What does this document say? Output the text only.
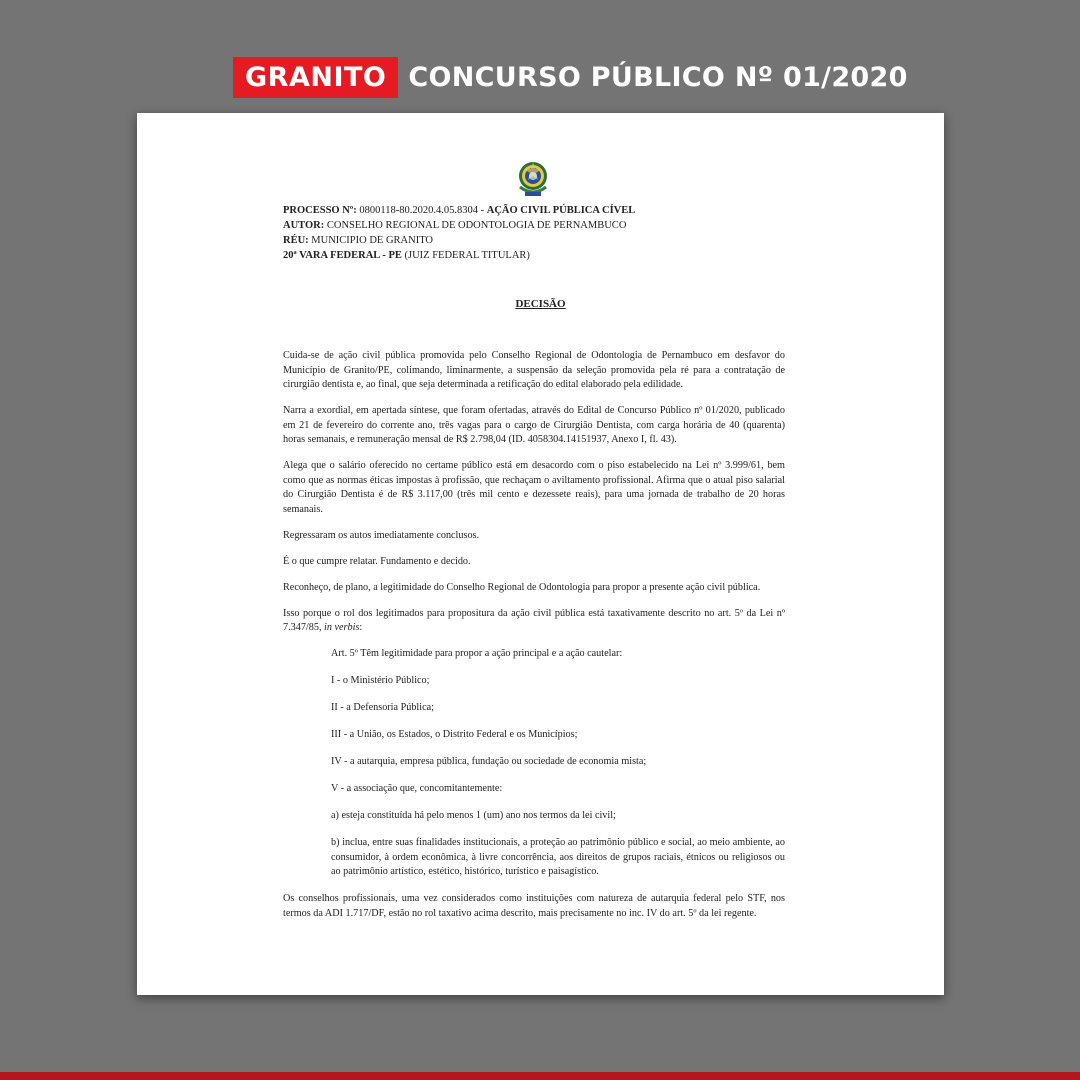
GRANITO CONCURSO PÚBLICO Nº 01/2020
PROCESSO Nº: 0800118-80.2020.4.05.8304 - AÇÃO CIVIL PÚBLICA CÍVEL
AUTOR: CONSELHO REGIONAL DE ODONTOLOGIA DE PERNAMBUCO
RÉU: MUNICIPIO DE GRANITO
20ª VARA FEDERAL - PE (JUIZ FEDERAL TITULAR)
DECISÃO

Cuida-se de ação civil pública promovida pelo Conselho Regional de Odontologia de Pernambuco em desfavor do Município de Granito/PE, colimando, liminarmente, a suspensão da seleção promovida pela ré para a contratação de cirurgião dentista e, ao final, que seja determinada a retificação do edital elaborado pela edilidade.

Narra a exordial, em apertada síntese, que foram ofertadas, através do Edital de Concurso Público nº 01/2020, publicado em 21 de fevereiro do corrente ano, três vagas para o cargo de Cirurgião Dentista, com carga horária de 40 (quarenta) horas semanais, e remuneração mensal de R$ 2.798,04 (ID. 4058304.14151937, Anexo I, fl. 43).

Alega que o salário oferecido no certame público está em desacordo com o piso estabelecido na Lei nº 3.999/61, bem como que as normas éticas impostas à profissão, que rechaçam o aviltamento profissional. Afirma que o atual piso salarial do Cirurgião Dentista é de R$ 3.117,00 (três mil cento e dezessete reais), para uma jornada de trabalho de 20 horas semanais.

Regressaram os autos imediatamente conclusos.

É o que cumpre relatar. Fundamento e decido.

Reconheço, de plano, a legitimidade do Conselho Regional de Odontologia para propor a presente ação civil pública.

Isso porque o rol dos legitimados para propositura da ação civil pública está taxativamente descrito no art. 5º da Lei nº 7.347/85, in verbis:

Art. 5º Têm legitimidade para propor a ação principal e a ação cautelar:

I - o Ministério Público;

II - a Defensoria Pública;

III - a União, os Estados, o Distrito Federal e os Municípios;

IV - a autarquia, empresa pública, fundação ou sociedade de economia mista;

V - a associação que, concomitantemente:

a) esteja constituída há pelo menos 1 (um) ano nos termos da lei civil;

b) inclua, entre suas finalidades institucionais, a proteção ao patrimônio público e social, ao meio ambiente, ao consumidor, à ordem econômica, à livre concorrência, aos direitos de grupos raciais, étnicos ou religiosos ou ao patrimônio artístico, estético, histórico, turístico e paisagístico.

Os conselhos profissionais, uma vez considerados como instituições com natureza de autarquia federal pelo STF, nos termos da ADI 1.717/DF, estão no rol taxativo acima descrito, mais precisamente no inc. IV do art. 5º da lei regente.
